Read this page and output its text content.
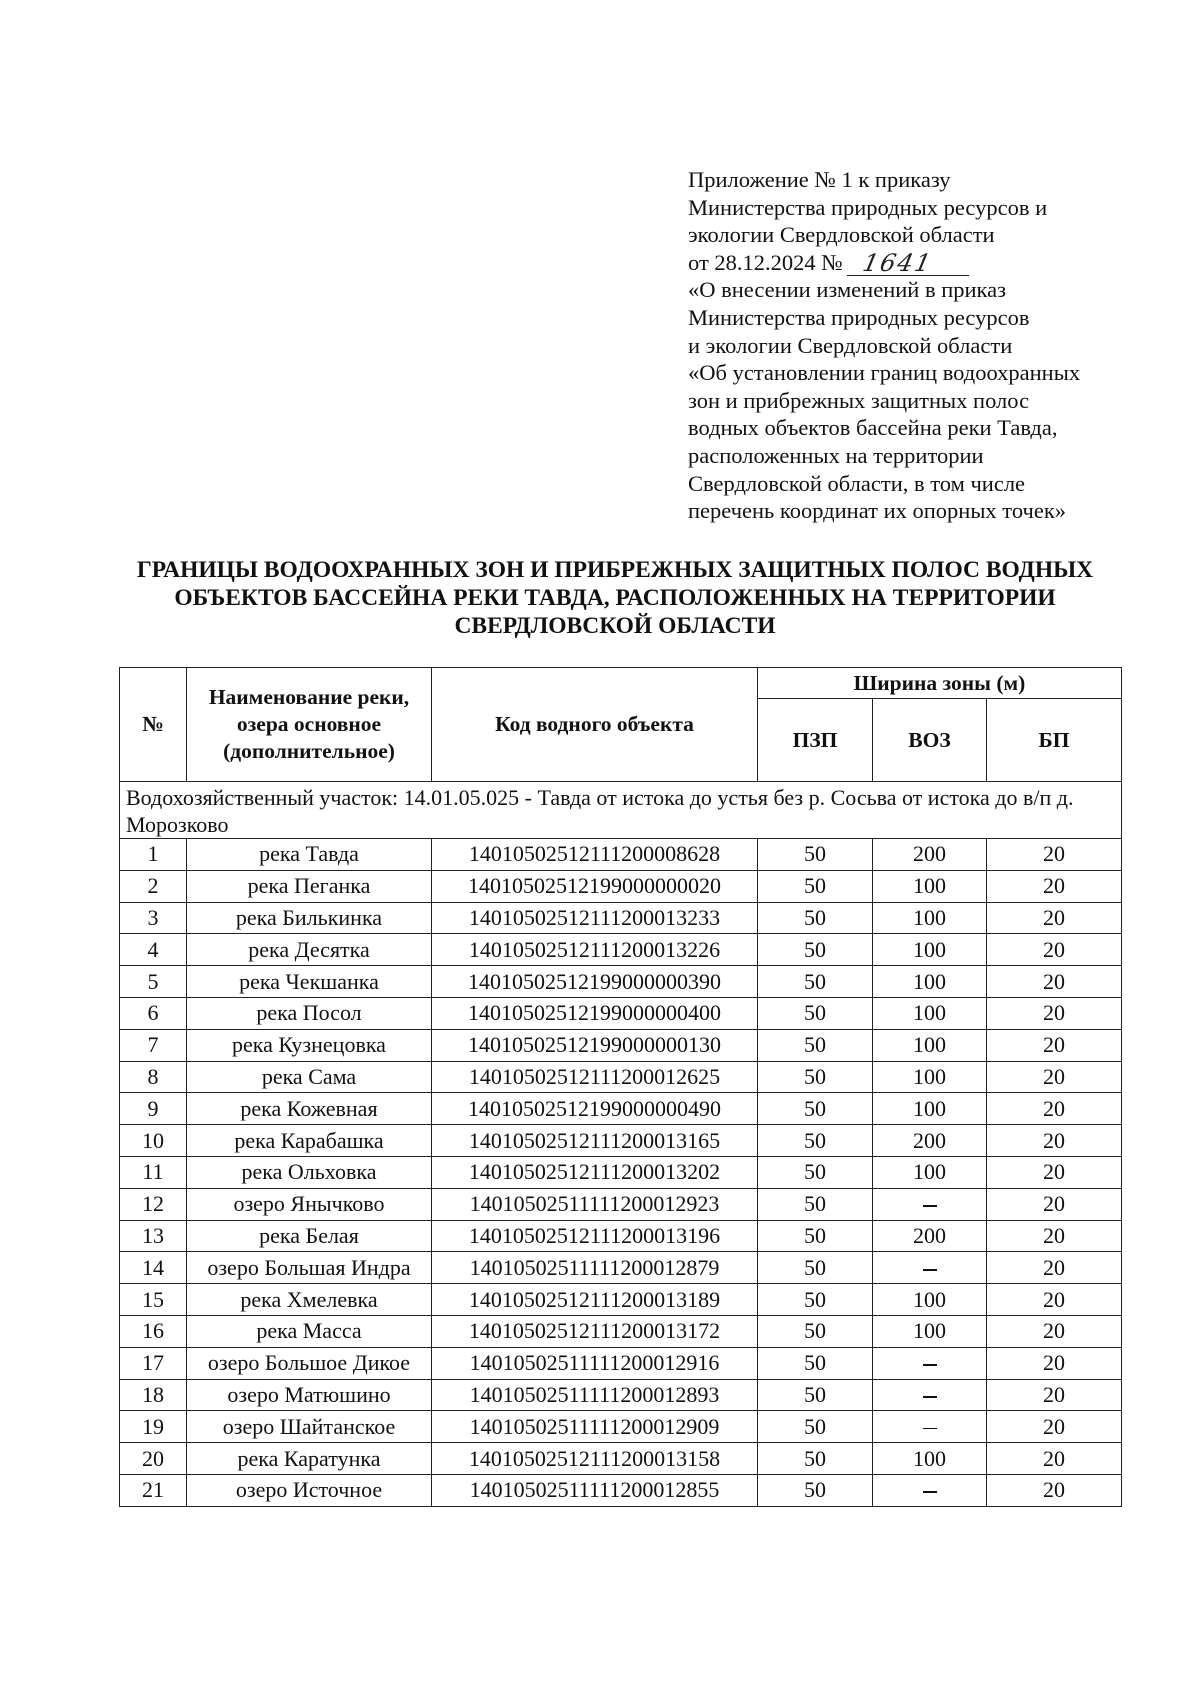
Приложение № 1 к приказу
Министерства природных ресурсов и
экологии Свердловской области
от 28.12.2024 № 1641
«О внесении изменений в приказ
Министерства природных ресурсов
и экологии Свердловской области
«Об установлении границ водоохранных
зон и прибрежных защитных полос
водных объектов бассейна реки Тавда,
расположенных на территории
Свердловской области, в том числе
перечень координат их опорных точек»
ГРАНИЦЫ ВОДООХРАННЫХ ЗОН И ПРИБРЕЖНЫХ ЗАЩИТНЫХ ПОЛОС ВОДНЫХ
ОБЪЕКТОВ БАССЕЙНА РЕКИ ТАВДА, РАСПОЛОЖЕННЫХ НА ТЕРРИТОРИИ
СВЕРДЛОВСКОЙ ОБЛАСТИ
№	Наименование реки, озера основное (дополнительное)	Код водного объекта	Ширина зоны (м)		
			ПЗП	ВОЗ	БП
Водохозяйственный участок: 14.01.05.025 - Тавда от истока до устья без р. Сосьва от истока до в/п д. Морозково					
1	река Тавда	14010502512111200008628	50	200	20
2	река Пеганка	14010502512199000000020	50	100	20
3	река Билькинка	14010502512111200013233	50	100	20
4	река Десятка	14010502512111200013226	50	100	20
5	река Чекшанка	14010502512199000000390	50	100	20
6	река Посол	14010502512199000000400	50	100	20
7	река Кузнецовка	14010502512199000000130	50	100	20
8	река Сама	14010502512111200012625	50	100	20
9	река Кожевная	14010502512199000000490	50	100	20
10	река Карабашка	14010502512111200013165	50	200	20
11	река Ольховка	14010502512111200013202	50	100	20
12	озеро Янычково	14010502511111200012923	50		20
13	река Белая	14010502512111200013196	50	200	20
14	озеро Большая Индра	14010502511111200012879	50		20
15	река Хмелевка	14010502512111200013189	50	100	20
16	река Масса	14010502512111200013172	50	100	20
17	озеро Большое Дикое	14010502511111200012916	50		20
18	озеро Матюшино	14010502511111200012893	50		20
19	озеро Шайтанское	14010502511111200012909	50		20
20	река Каратунка	14010502512111200013158	50	100	20
21	озеро Источное	14010502511111200012855	50		20
